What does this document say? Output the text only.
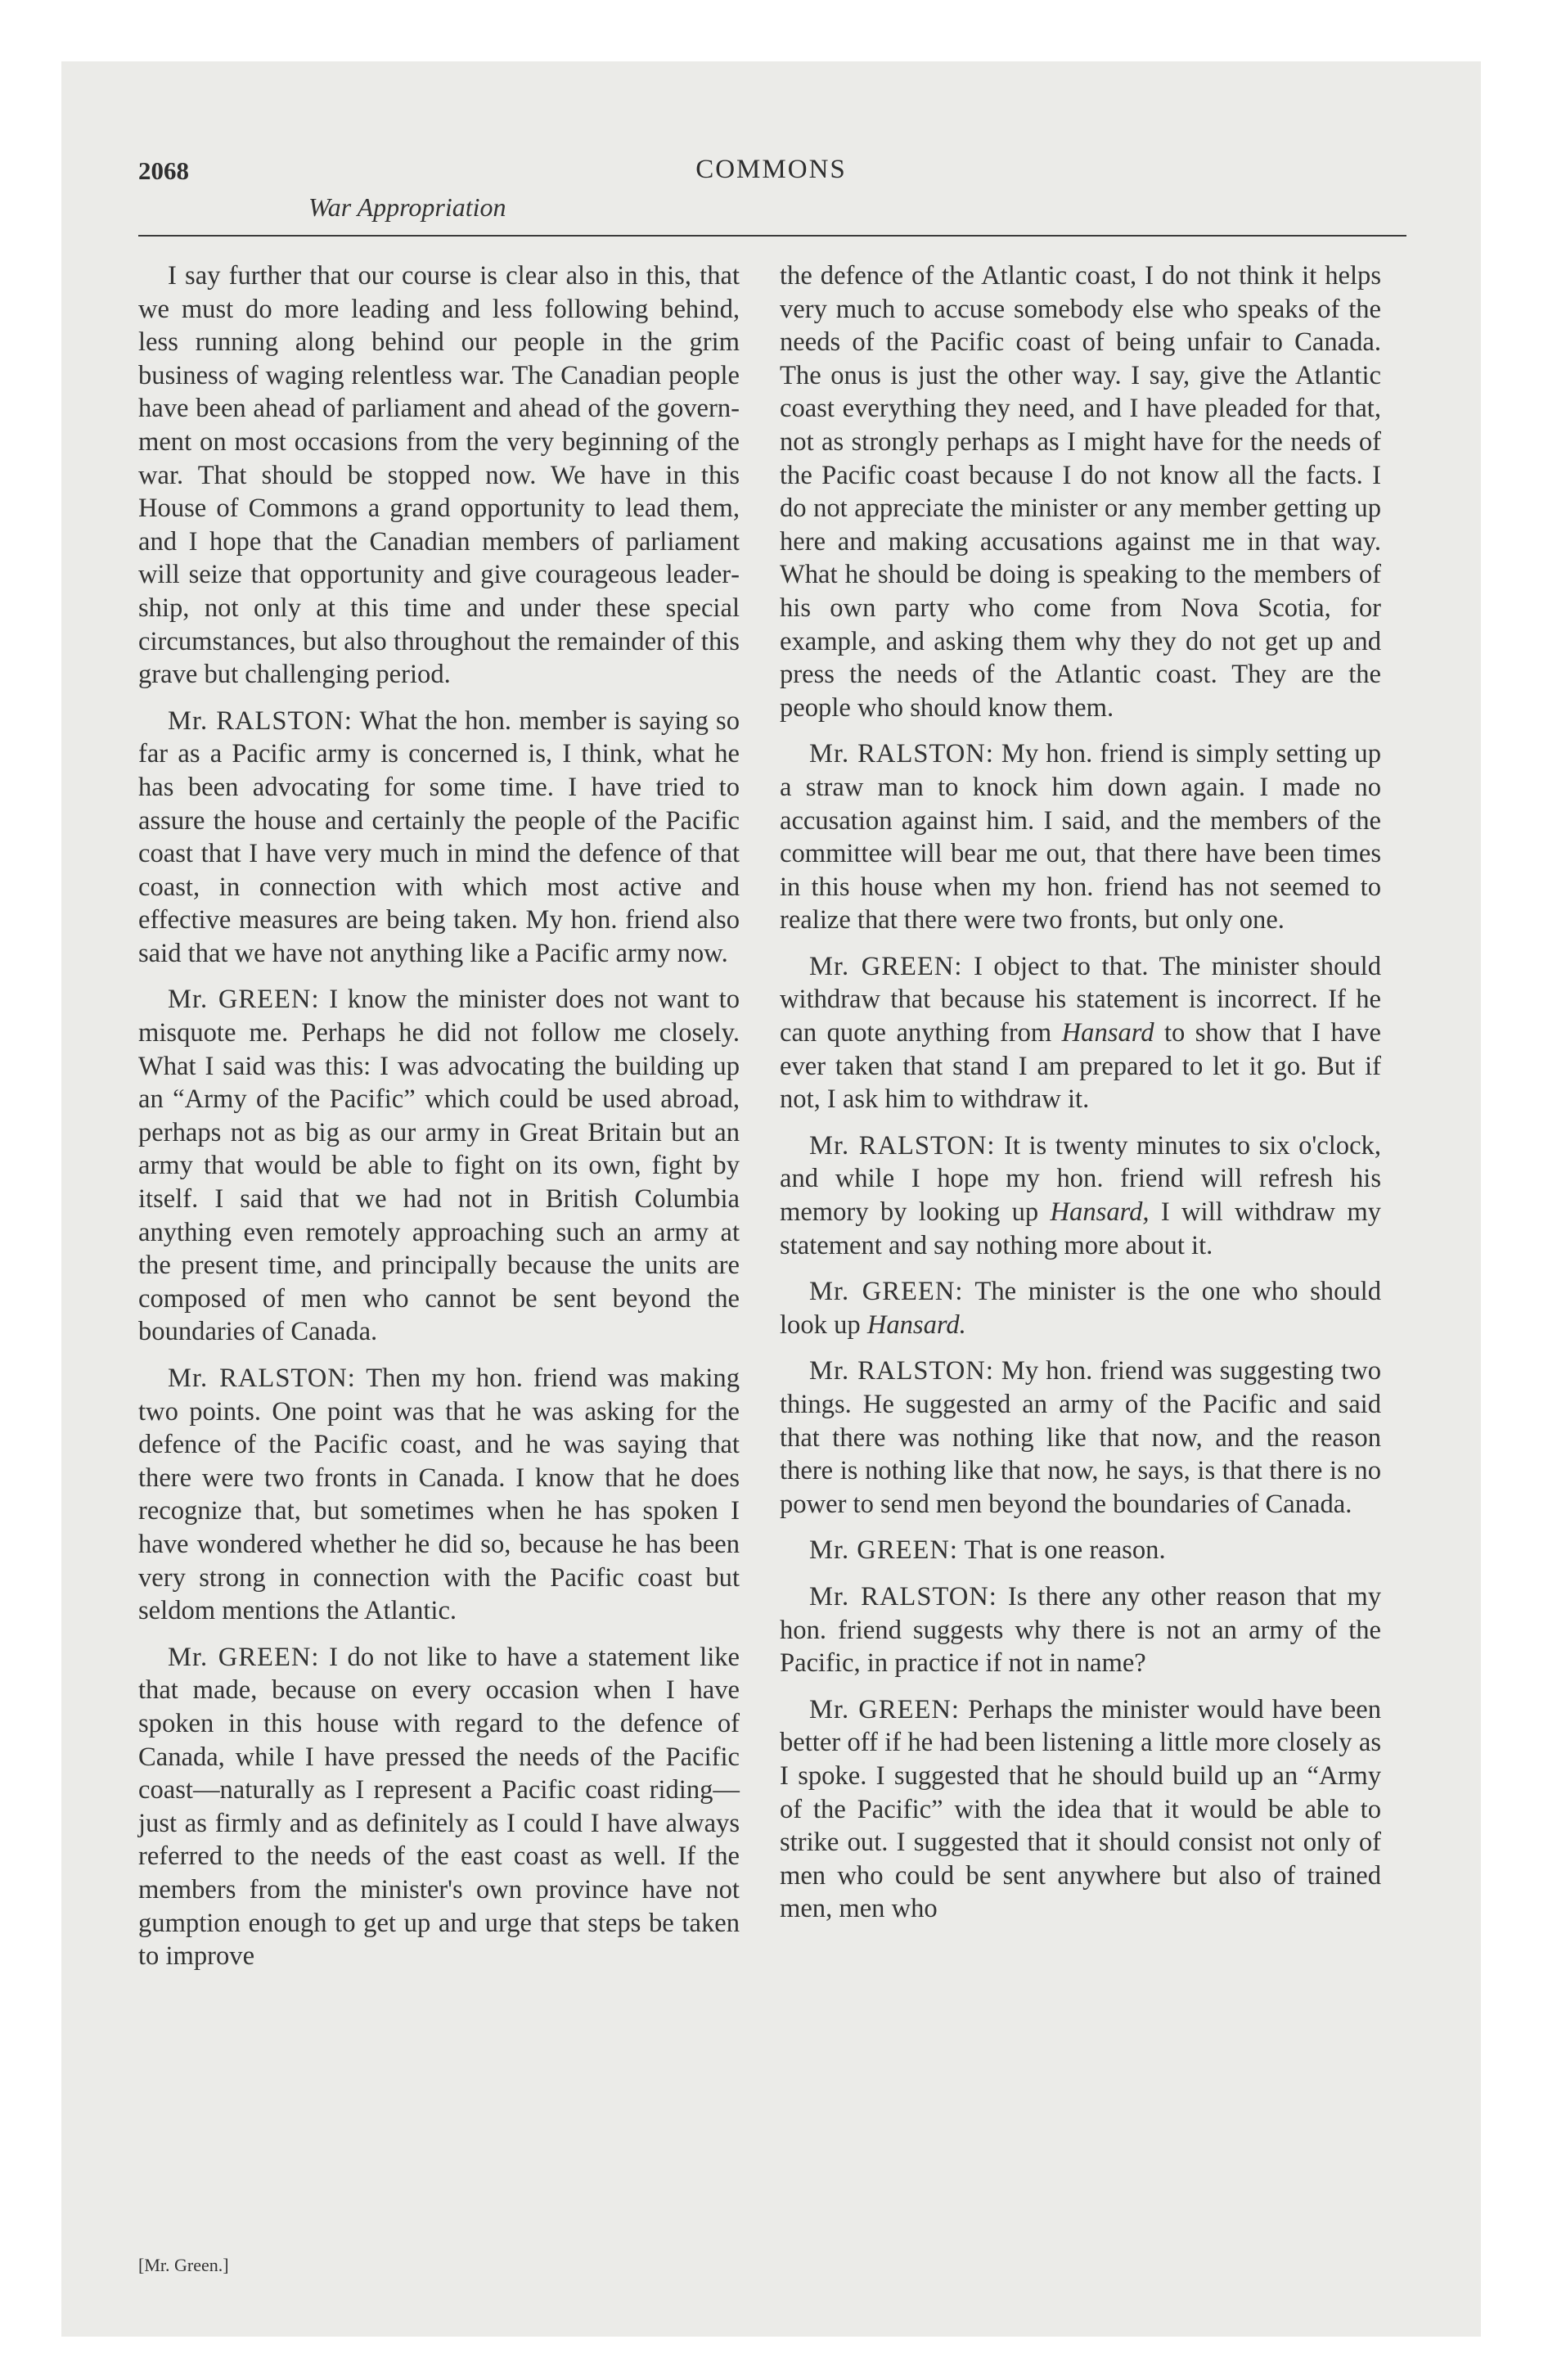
2068	COMMONS
War Appropriation

I say further that our course is clear also in this, that we must do more leading and less following behind, less running along behind our people in the grim business of waging relentless war. The Canadian people have been ahead of parliament and ahead of the government on most occasions from the very beginning of the war. That should be stopped now. We have in this House of Commons a grand opportunity to lead them, and I hope that the Canadian members of parliament will seize that opportunity and give courageous leadership, not only at this time and under these special circumstances, but also throughout the remainder of this grave but challenging period.

Mr. RALSTON: What the hon. member is saying so far as a Pacific army is concerned is, I think, what he has been advocating for some time. I have tried to assure the house and certainly the people of the Pacific coast that I have very much in mind the defence of that coast, in connection with which most active and effective measures are being taken. My hon. friend also said that we have not anything like a Pacific army now.

Mr. GREEN: I know the minister does not want to misquote me. Perhaps he did not follow me closely. What I said was this: I was advocating the building up an “Army of the Pacific” which could be used abroad, perhaps not as big as our army in Great Britain but an army that would be able to fight on its own, fight by itself. I said that we had not in British Columbia anything even remotely approaching such an army at the present time, and principally because the units are composed of men who cannot be sent beyond the boundaries of Canada.

Mr. RALSTON: Then my hon. friend was making two points. One point was that he was asking for the defence of the Pacific coast, and he was saying that there were two fronts in Canada. I know that he does recognize that, but sometimes when he has spoken I have wondered whether he did so, because he has been very strong in connection with the Pacific coast but seldom mentions the Atlantic.

Mr. GREEN: I do not like to have a statement like that made, because on every occasion when I have spoken in this house with regard to the defence of Canada, while I have pressed the needs of the Pacific coast—naturally as I represent a Pacific coast riding—just as firmly and as definitely as I could I have always referred to the needs of the east coast as well. If the members from the minister's own province have not gumption enough to get up and urge that steps be taken to improve

[Mr. Green.]

the defence of the Atlantic coast, I do not think it helps very much to accuse somebody else who speaks of the needs of the Pacific coast of being unfair to Canada. The onus is just the other way. I say, give the Atlantic coast everything they need, and I have pleaded for that, not as strongly perhaps as I might have for the needs of the Pacific coast because I do not know all the facts. I do not appreciate the minister or any member getting up here and making accusations against me in that way. What he should be doing is speaking to the members of his own party who come from Nova Scotia, for example, and asking them why they do not get up and press the needs of the Atlantic coast. They are the people who should know them.

Mr. RALSTON: My hon. friend is simply setting up a straw man to knock him down again. I made no accusation against him. I said, and the members of the committee will bear me out, that there have been times in this house when my hon. friend has not seemed to realize that there were two fronts, but only one.

Mr. GREEN: I object to that. The minister should withdraw that because his statement is incorrect. If he can quote anything from Hansard to show that I have ever taken that stand I am prepared to let it go. But if not, I ask him to withdraw it.

Mr. RALSTON: It is twenty minutes to six o'clock, and while I hope my hon. friend will refresh his memory by looking up Hansard, I will withdraw my statement and say nothing more about it.

Mr. GREEN: The minister is the one who should look up Hansard.

Mr. RALSTON: My hon. friend was suggesting two things. He suggested an army of the Pacific and said that there was nothing like that now, and the reason there is nothing like that now, he says, is that there is no power to send men beyond the boundaries of Canada.

Mr. GREEN: That is one reason.

Mr. RALSTON: Is there any other reason that my hon. friend suggests why there is not an army of the Pacific, in practice if not in name?

Mr. GREEN: Perhaps the minister would have been better off if he had been listening a little more closely as I spoke. I suggested that he should build up an “Army of the Pacific” with the idea that it would be able to strike out. I suggested that it should consist not only of men who could be sent anywhere but also of trained men, men who
